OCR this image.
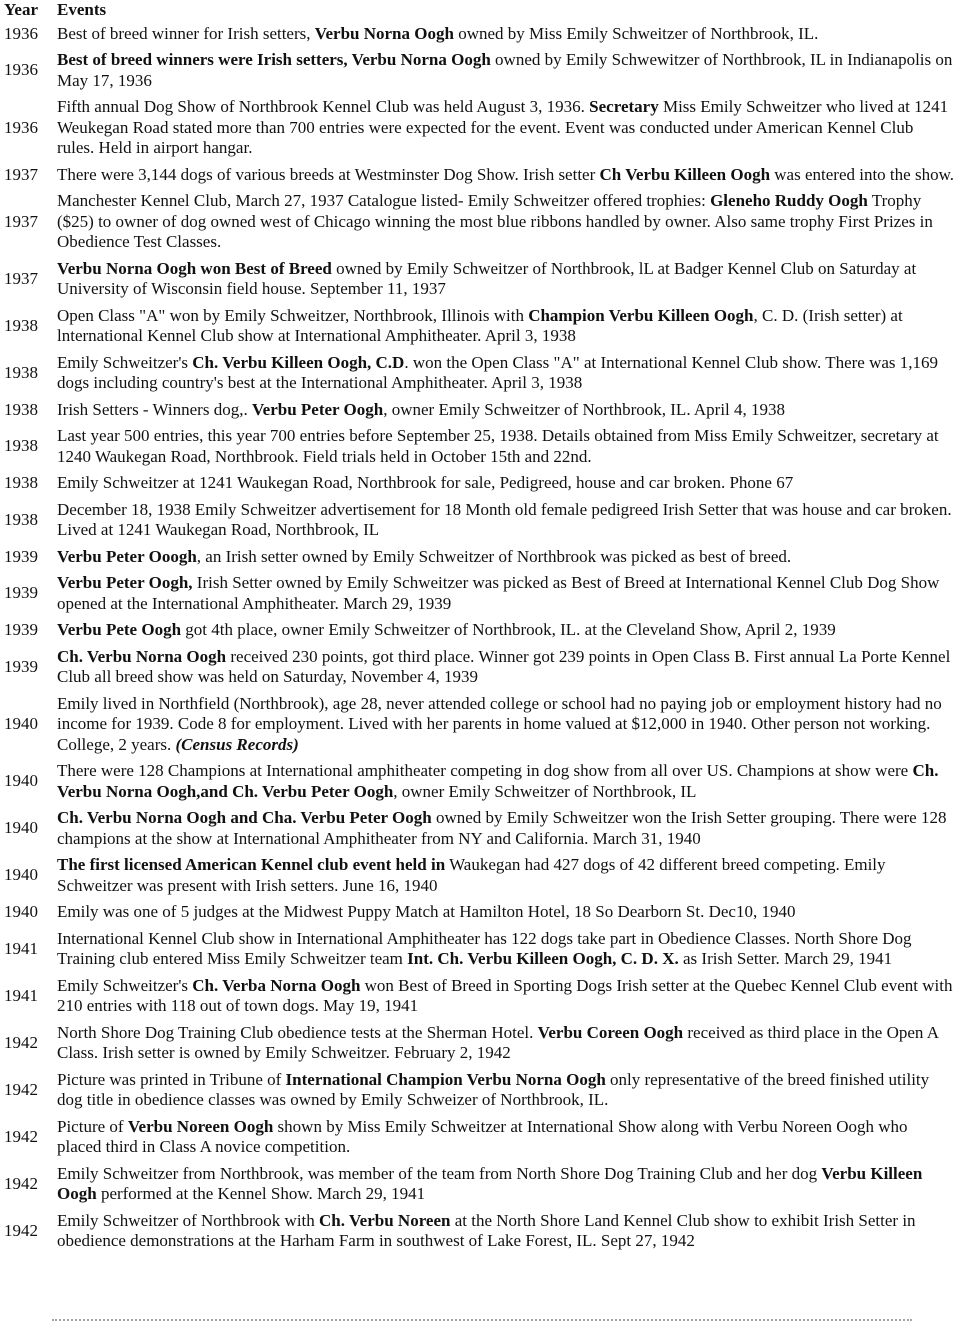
Year	Events
1936	Best of breed winner for Irish setters, Verbu Norna Oogh owned by Miss Emily Schweitzer of Northbrook, IL.
1936	Best of breed winners were Irish setters, Verbu Norna Oogh owned by Emily Schwewitzer of Northbrook, IL in Indianapolis on May 17, 1936
1936	Fifth annual Dog Show of Northbrook Kennel Club was held August 3, 1936. Secretary Miss Emily Schweitzer who lived at 1241 Weukegan Road stated more than 700 entries were expected for the event. Event was conducted under American Kennel Club rules. Held in airport hangar.
1937	There were 3,144 dogs of various breeds at Westminster Dog Show. Irish setter Ch Verbu Killeen Oogh was entered into the show.
1937	Manchester Kennel Club, March 27, 1937 Catalogue listed- Emily Schweitzer offered trophies: Gleneho Ruddy Oogh Trophy ($25) to owner of dog owned west of Chicago winning the most blue ribbons handled by owner. Also same trophy First Prizes in Obedience Test Classes.
1937	Verbu Norna Oogh won Best of Breed owned by Emily Schweitzer of Northbrook, lL at Badger Kennel Club on Saturday at University of Wisconsin field house. September 11, 1937
1938	Open Class "A" won by Emily Schweitzer, Northbrook, Illinois with Champion Verbu Killeen Oogh, C. D. (Irish setter) at lnternational Kennel Club show at International Amphitheater. April 3, 1938
1938	Emily Schweitzer's Ch. Verbu Killeen Oogh, C.D. won the Open Class "A" at International Kennel Club show. There was 1,169 dogs including country's best at the International Amphitheater. April 3, 1938
1938	Irish Setters - Winners dog,. Verbu Peter Oogh, owner Emily Schweitzer of Northbrook, IL. April 4, 1938
1938	Last year 500 entries, this year 700 entries before September 25, 1938. Details obtained from Miss Emily Schweitzer, secretary at 1240 Waukegan Road, Northbrook. Field trials held in October 15th and 22nd.
1938	Emily Schweitzer at 1241 Waukegan Road, Northbrook for sale, Pedigreed, house and car broken. Phone 67
1938	December 18, 1938 Emily Schweitzer advertisement for 18 Month old female pedigreed Irish Setter that was house and car broken. Lived at 1241 Waukegan Road, Northbrook, IL
1939	Verbu Peter Ooogh, an Irish setter owned by Emily Schweitzer of Northbrook was picked as best of breed.
1939	Verbu Peter Oogh, Irish Setter owned by Emily Schweitzer was picked as Best of Breed at International Kennel Club Dog Show opened at the International Amphitheater. March 29, 1939
1939	Verbu Pete Oogh got 4th place, owner Emily Schweitzer of Northbrook, IL. at the Cleveland Show, April 2, 1939
1939	Ch. Verbu Norna Oogh received 230 points, got third place. Winner got 239 points in Open Class B. First annual La Porte Kennel Club all breed show was held on Saturday, November 4, 1939
1940	Emily lived in Northfield (Northbrook), age 28, never attended college or school had no paying job or employment history had no income for 1939. Code 8 for employment. Lived with her parents in home valued at $12,000 in 1940. Other person not working. College, 2 years. (Census Records)
1940	There were 128 Champions at International amphitheater competing in dog show from all over US. Champions at show were Ch. Verbu Norna Oogh,and Ch. Verbu Peter Oogh, owner Emily Schweitzer of Northbrook, IL
1940	Ch. Verbu Norna Oogh and Cha. Verbu Peter Oogh owned by Emily Schweitzer won the Irish Setter grouping. There were 128 champions at the show at International Amphitheater from NY and California. March 31, 1940
1940	The first licensed American Kennel club event held in Waukegan had 427 dogs of 42 different breed competing. Emily Schweitzer was present with Irish setters. June 16, 1940
1940	Emily was one of 5 judges at the Midwest Puppy Match at Hamilton Hotel, 18 So Dearborn St. Dec10, 1940
1941	International Kennel Club show in International Amphitheater has 122 dogs take part in Obedience Classes. North Shore Dog Training club entered Miss Emily Schweitzer team Int. Ch. Verbu Killeen Oogh, C. D. X. as Irish Setter. March 29, 1941
1941	Emily Schweitzer's Ch. Verba Norna Oogh won Best of Breed in Sporting Dogs Irish setter at the Quebec Kennel Club event with 210 entries with 118 out of town dogs. May 19, 1941
1942	North Shore Dog Training Club obedience tests at the Sherman Hotel. Verbu Coreen Oogh received as third place in the Open A Class. Irish setter is owned by Emily Schweitzer. February 2, 1942
1942	Picture was printed in Tribune of International Champion Verbu Norna Oogh only representative of the breed finished utility dog title in obedience classes was owned by Emily Schweizer of Northbrook, IL.
1942	Picture of Verbu Noreen Oogh shown by Miss Emily Schweitzer at International Show along with Verbu Noreen Oogh who placed third in Class A novice competition.
1942	Emily Schweitzer from Northbrook, was member of the team from North Shore Dog Training Club and her dog Verbu Killeen Oogh performed at the Kennel Show. March 29, 1941
1942	Emily Schweitzer of Northbrook with Ch. Verbu Noreen at the North Shore Land Kennel Club show to exhibit Irish Setter in obedience demonstrations at the Harham Farm in southwest of Lake Forest, IL. Sept 27, 1942
